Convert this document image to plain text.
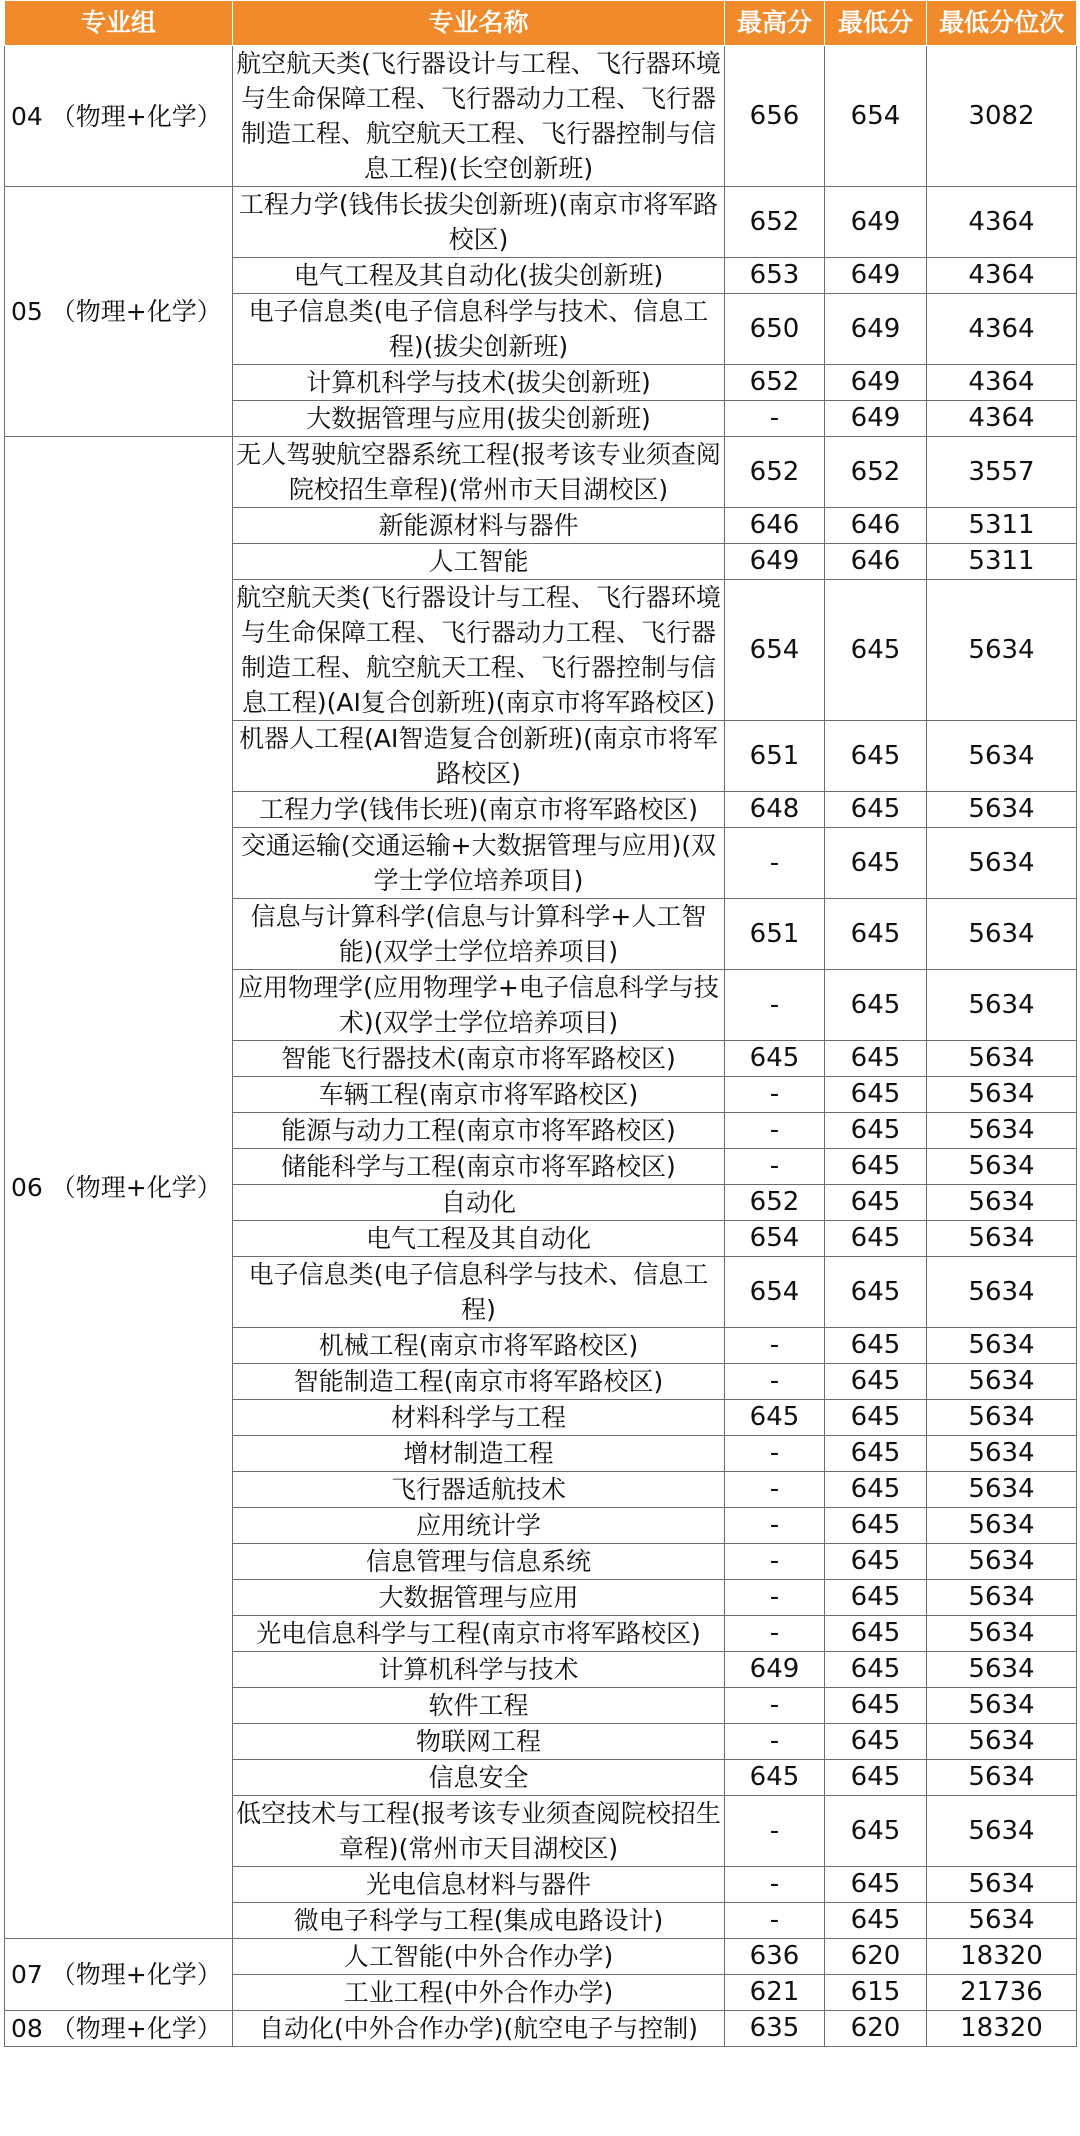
专业组	专业名称	最高分	最低分	最低分位次
04 （物理+化学）	航空航天类(飞行器设计与工程、飞行器环境与生命保障工程、飞行器动力工程、飞行器制造工程、航空航天工程、飞行器控制与信息工程)(长空创新班)	656	654	3082
05 （物理+化学）	工程力学(钱伟长拔尖创新班)(南京市将军路校区)	652	649	4364
	电气工程及其自动化(拔尖创新班)	653	649	4364
	电子信息类(电子信息科学与技术、信息工程)(拔尖创新班)	650	649	4364
	计算机科学与技术(拔尖创新班)	652	649	4364
	大数据管理与应用(拔尖创新班)	-	649	4364
06 （物理+化学）	无人驾驶航空器系统工程(报考该专业须查阅院校招生章程)(常州市天目湖校区)	652	652	3557
	新能源材料与器件	646	646	5311
	人工智能	649	646	5311
	航空航天类(飞行器设计与工程、飞行器环境与生命保障工程、飞行器动力工程、飞行器制造工程、航空航天工程、飞行器控制与信息工程)(AI复合创新班)(南京市将军路校区)	654	645	5634
	机器人工程(AI智造复合创新班)(南京市将军路校区)	651	645	5634
	工程力学(钱伟长班)(南京市将军路校区)	648	645	5634
	交通运输(交通运输+大数据管理与应用)(双学士学位培养项目)	-	645	5634
	信息与计算科学(信息与计算科学+人工智能)(双学士学位培养项目)	651	645	5634
	应用物理学(应用物理学+电子信息科学与技术)(双学士学位培养项目)	-	645	5634
	智能飞行器技术(南京市将军路校区)	645	645	5634
	车辆工程(南京市将军路校区)	-	645	5634
	能源与动力工程(南京市将军路校区)	-	645	5634
	储能科学与工程(南京市将军路校区)	-	645	5634
	自动化	652	645	5634
	电气工程及其自动化	654	645	5634
	电子信息类(电子信息科学与技术、信息工程)	654	645	5634
	机械工程(南京市将军路校区)	-	645	5634
	智能制造工程(南京市将军路校区)	-	645	5634
	材料科学与工程	645	645	5634
	增材制造工程	-	645	5634
	飞行器适航技术	-	645	5634
	应用统计学	-	645	5634
	信息管理与信息系统	-	645	5634
	大数据管理与应用	-	645	5634
	光电信息科学与工程(南京市将军路校区)	-	645	5634
	计算机科学与技术	649	645	5634
	软件工程	-	645	5634
	物联网工程	-	645	5634
	信息安全	645	645	5634
	低空技术与工程(报考该专业须查阅院校招生章程)(常州市天目湖校区)	-	645	5634
	光电信息材料与器件	-	645	5634
	微电子科学与工程(集成电路设计)	-	645	5634
07 （物理+化学）	人工智能(中外合作办学)	636	620	18320
	工业工程(中外合作办学)	621	615	21736
08 （物理+化学）	自动化(中外合作办学)(航空电子与控制)	635	620	18320
